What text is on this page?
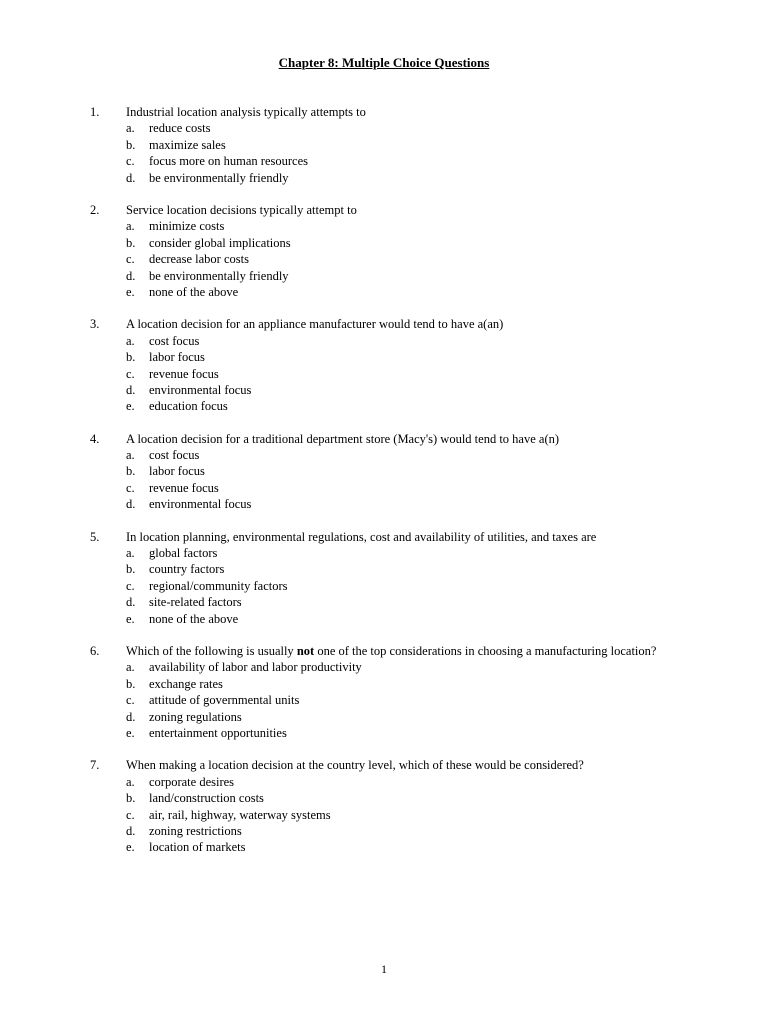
Chapter 8: Multiple Choice Questions
1. Industrial location analysis typically attempts to
a. reduce costs
b. maximize sales
c. focus more on human resources
d. be environmentally friendly
2. Service location decisions typically attempt to
a. minimize costs
b. consider global implications
c. decrease labor costs
d. be environmentally friendly
e. none of the above
3. A location decision for an appliance manufacturer would tend to have a(an)
a. cost focus
b. labor focus
c. revenue focus
d. environmental focus
e. education focus
4. A location decision for a traditional department store (Macy's) would tend to have a(n)
a. cost focus
b. labor focus
c. revenue focus
d. environmental focus
5. In location planning, environmental regulations, cost and availability of utilities, and taxes are
a. global factors
b. country factors
c. regional/community factors
d. site-related factors
e. none of the above
6. Which of the following is usually not one of the top considerations in choosing a manufacturing location?
a. availability of labor and labor productivity
b. exchange rates
c. attitude of governmental units
d. zoning regulations
e. entertainment opportunities
7. When making a location decision at the country level, which of these would be considered?
a. corporate desires
b. land/construction costs
c. air, rail, highway, waterway systems
d. zoning restrictions
e. location of markets
1
